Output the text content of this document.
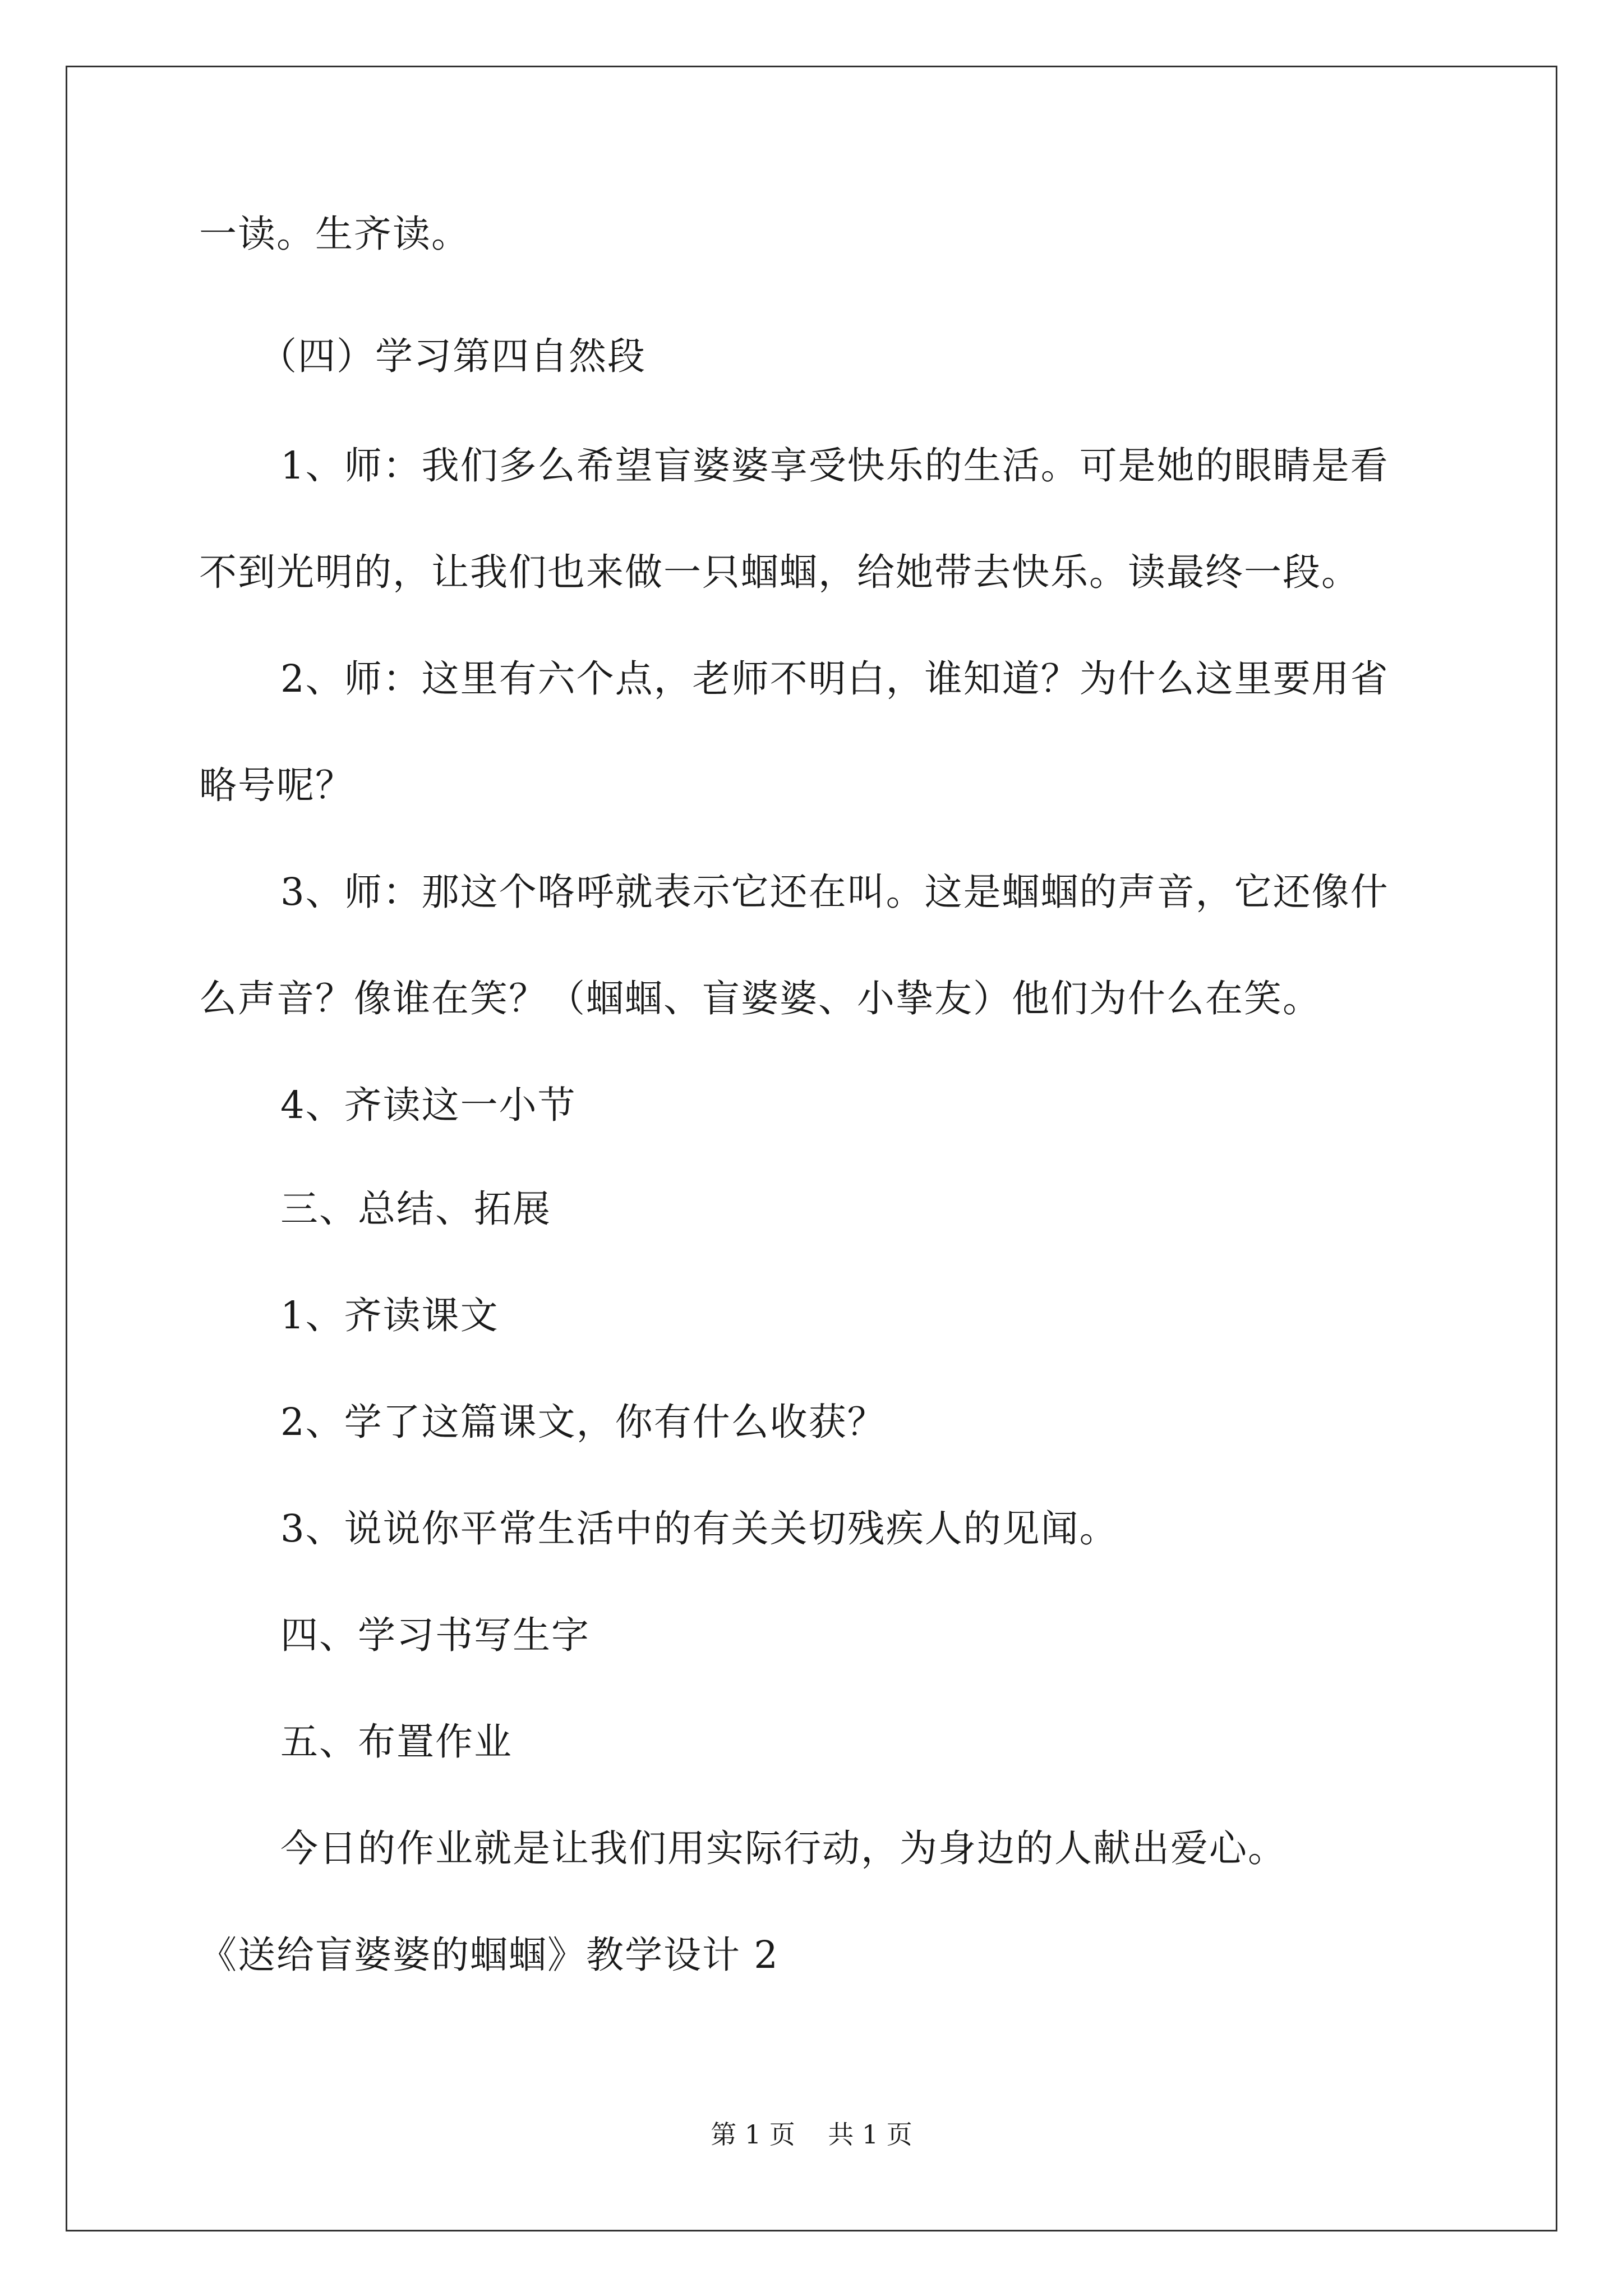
一读。生齐读。
（四）学习第四自然段
1、师：我们多么希望盲婆婆享受快乐的生活。可是她的眼睛是看
不到光明的，让我们也来做一只蝈蝈，给她带去快乐。读最终一段。
2、师：这里有六个点，老师不明白，谁知道？为什么这里要用省
略号呢？
3、师：那这个咯呼就表示它还在叫。这是蝈蝈的声音，它还像什
么声音？像谁在笑？（蝈蝈、盲婆婆、小挚友）他们为什么在笑。
4、齐读这一小节
三、总结、拓展
1、齐读课文
2、学了这篇课文，你有什么收获？
3、说说你平常生活中的有关关切残疾人的见闻。
四、学习书写生字
五、布置作业
今日的作业就是让我们用实际行动，为身边的人献出爱心。
《送给盲婆婆的蝈蝈》教学设计 2
第 1 页    共 1 页
